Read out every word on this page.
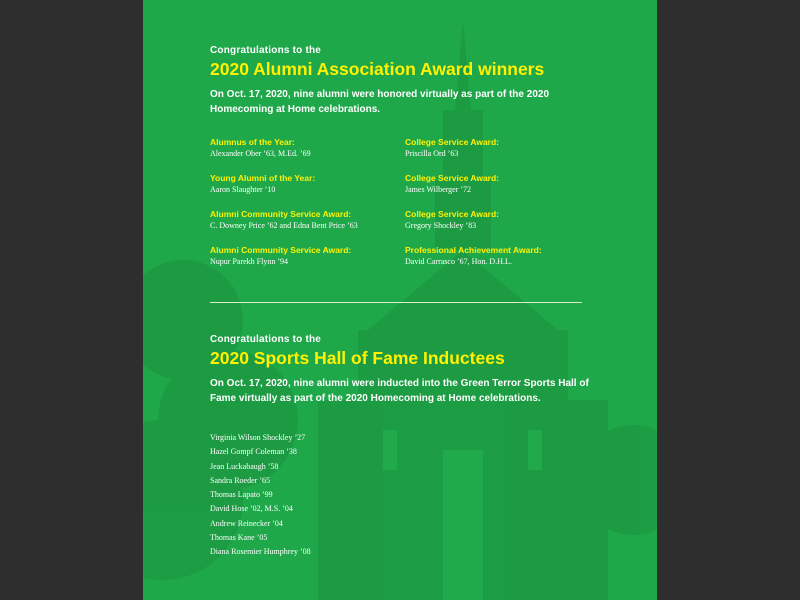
Congratulations to the
2020 Alumni Association Award winners
On Oct. 17, 2020, nine alumni were honored virtually as part of the 2020 Homecoming at Home celebrations.
Alumnus of the Year:
Alexander Ober ’63, M.Ed. ’69
Young Alumni of the Year:
Aaron Slaughter ’10
Alumni Community Service Award:
C. Downey Price ’62 and Edna Bent Price ’63
Alumni Community Service Award:
Nupur Parekh Flynn ’94
College Service Award:
Priscilla Ord ’63
College Service Award:
James Wilberger ’72
College Service Award:
Gregory Shockley ’83
Professional Achievement Award:
David Carrasco ’67, Hon. D.H.L.
Congratulations to the
2020 Sports Hall of Fame Inductees
On Oct. 17, 2020, nine alumni were inducted into the Green Terror Sports Hall of Fame virtually as part of the 2020 Homecoming at Home celebrations.
Virginia Wilson Shockley ’27
Hazel Gompf Coleman ’38
Jean Luckabaugh ’58
Sandra Roeder ’65
Thomas Lapato ’99
David Hose ’02, M.S. ’04
Andrew Reinecker ’04
Thomas Kane ’05
Diana Rosemier Humphrey ’08
